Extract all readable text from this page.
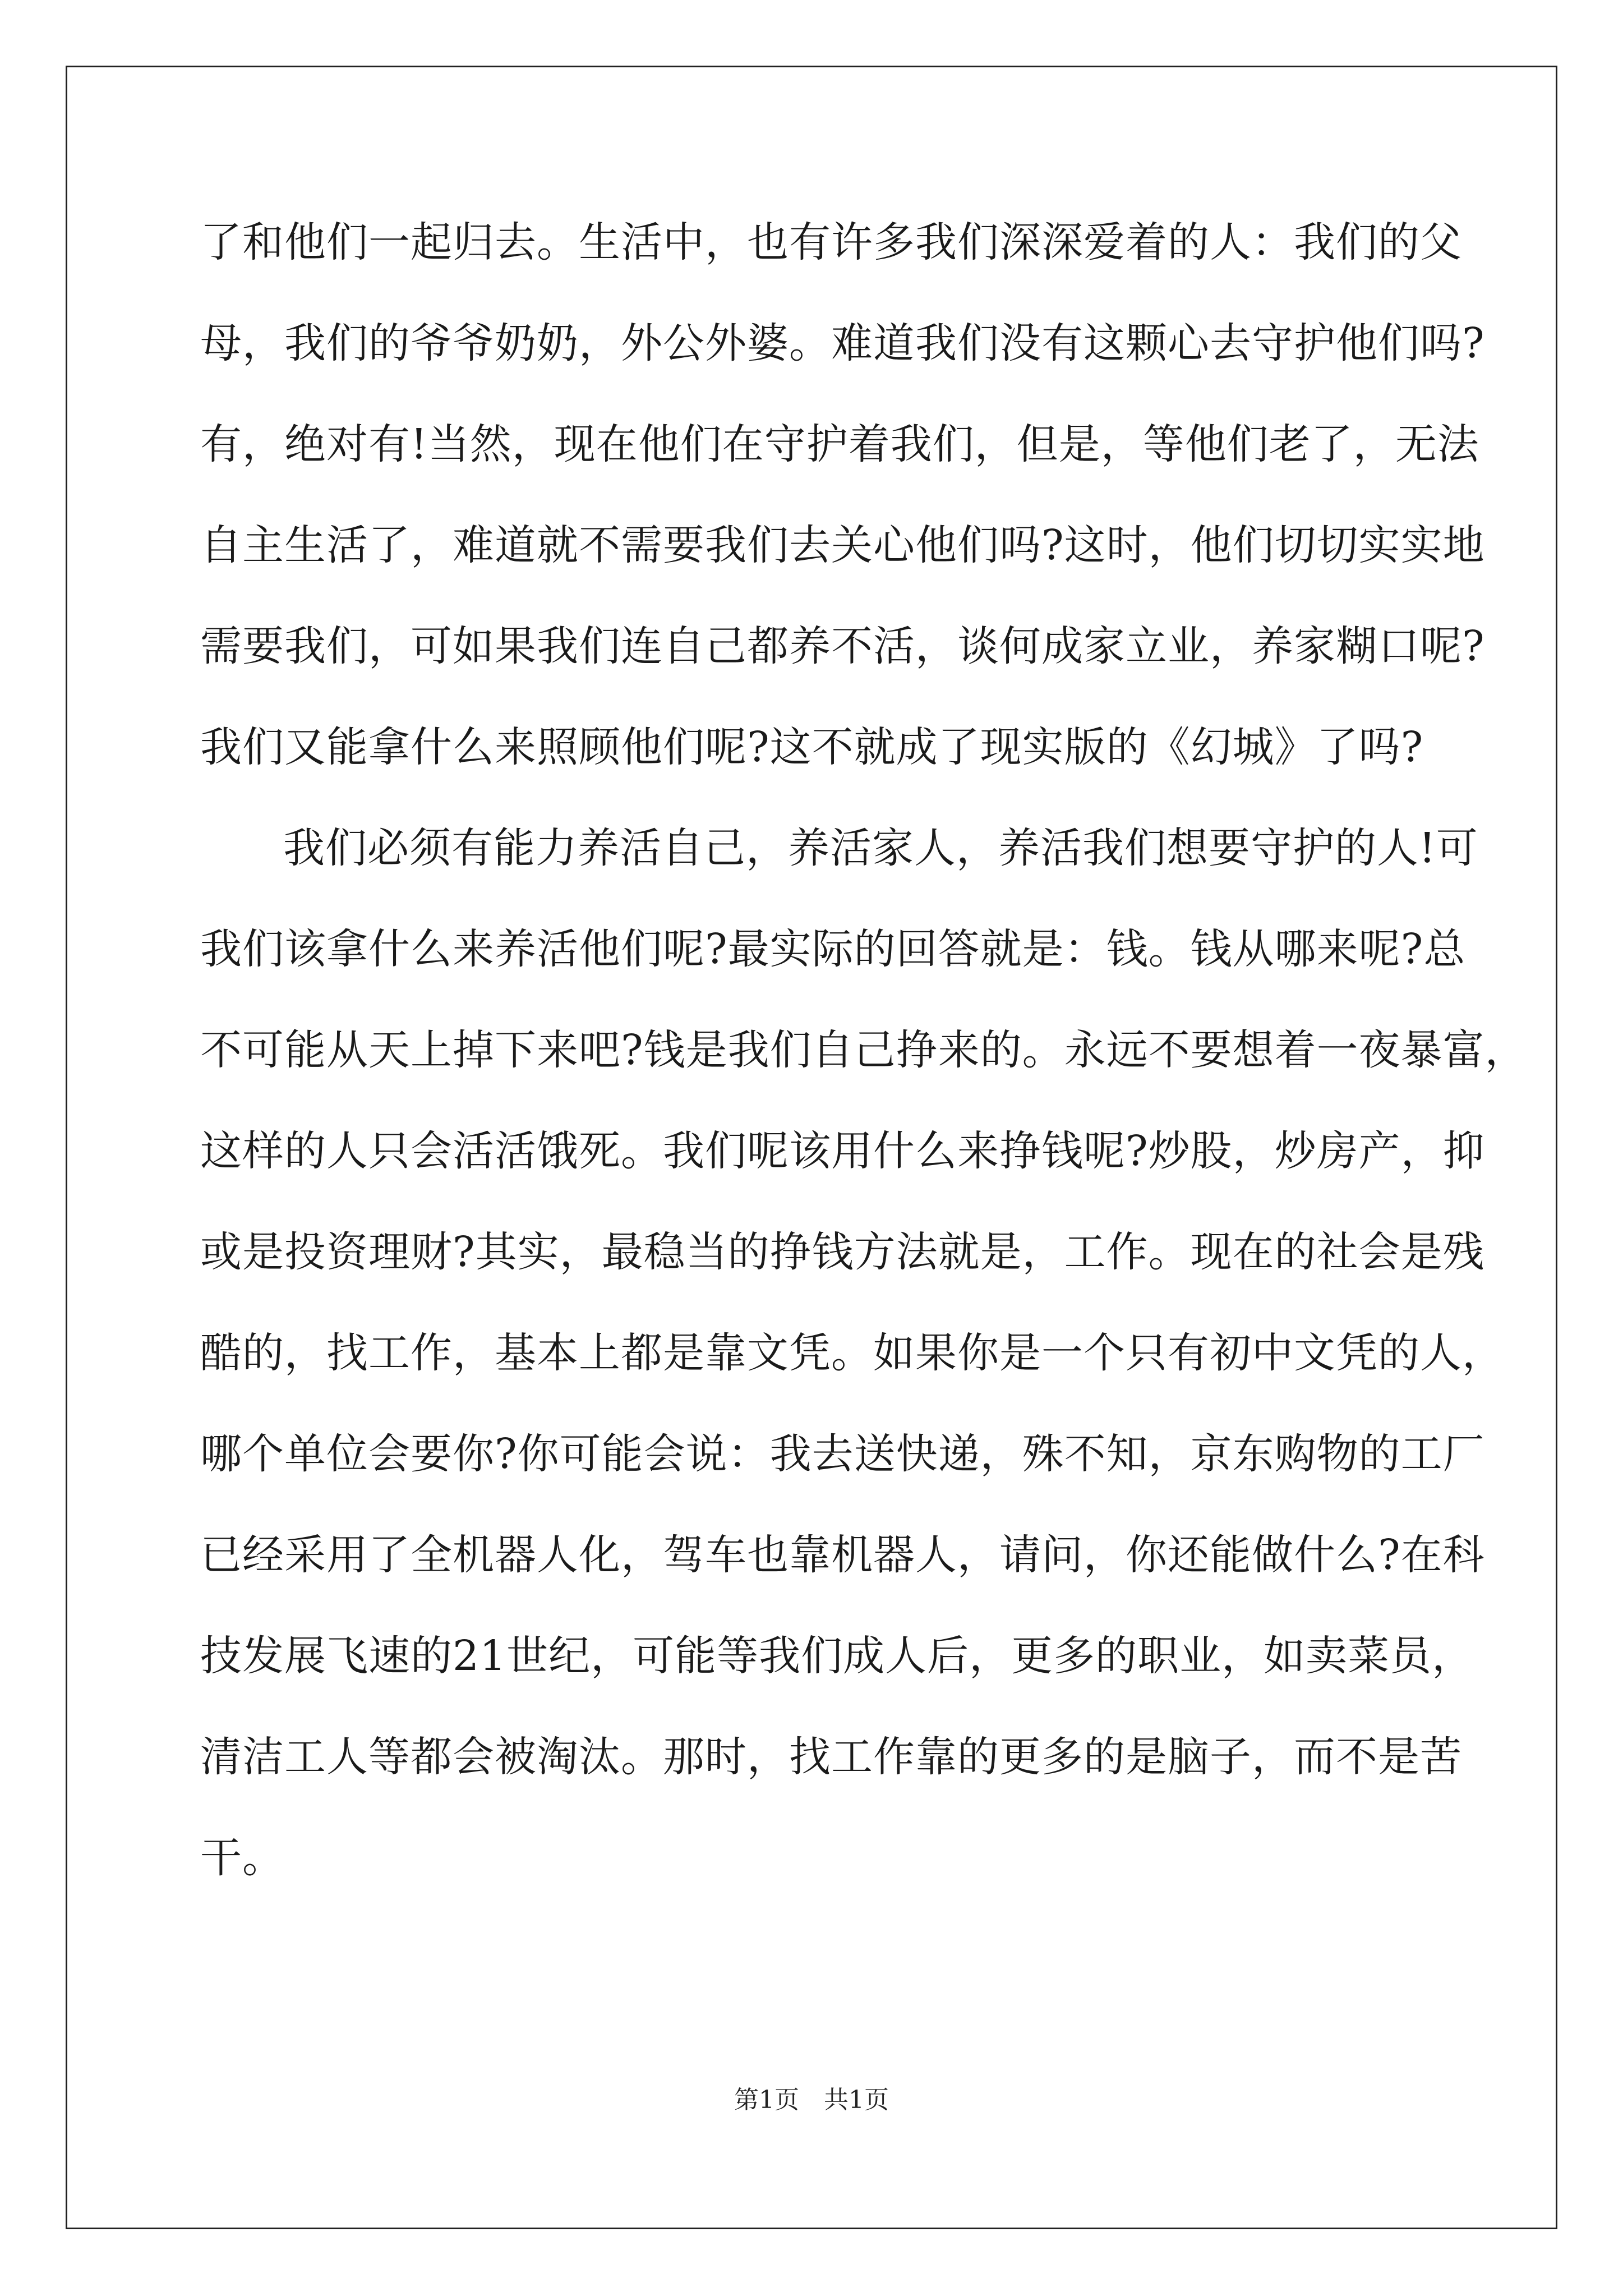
了和他们一起归去。生活中，也有许多我们深深爱着的人：我们的父
母，我们的爷爷奶奶，外公外婆。难道我们没有这颗心去守护他们吗?
有，绝对有!当然，现在他们在守护着我们，但是，等他们老了，无法
自主生活了，难道就不需要我们去关心他们吗?这时，他们切切实实地
需要我们，可如果我们连自己都养不活，谈何成家立业，养家糊口呢?
我们又能拿什么来照顾他们呢?这不就成了现实版的《幻城》了吗?
我们必须有能力养活自己，养活家人，养活我们想要守护的人!可
我们该拿什么来养活他们呢?最实际的回答就是：钱。钱从哪来呢?总
不可能从天上掉下来吧?钱是我们自己挣来的。永远不要想着一夜暴富，
这样的人只会活活饿死。我们呢该用什么来挣钱呢?炒股，炒房产，抑
或是投资理财?其实，最稳当的挣钱方法就是，工作。现在的社会是残
酷的，找工作，基本上都是靠文凭。如果你是一个只有初中文凭的人，
哪个单位会要你?你可能会说：我去送快递，殊不知，京东购物的工厂
已经采用了全机器人化，驾车也靠机器人，请问，你还能做什么?在科
技发展飞速的21世纪，可能等我们成人后，更多的职业，如卖菜员，
清洁工人等都会被淘汰。那时，找工作靠的更多的是脑子，而不是苦
干。
第1页　共1页
